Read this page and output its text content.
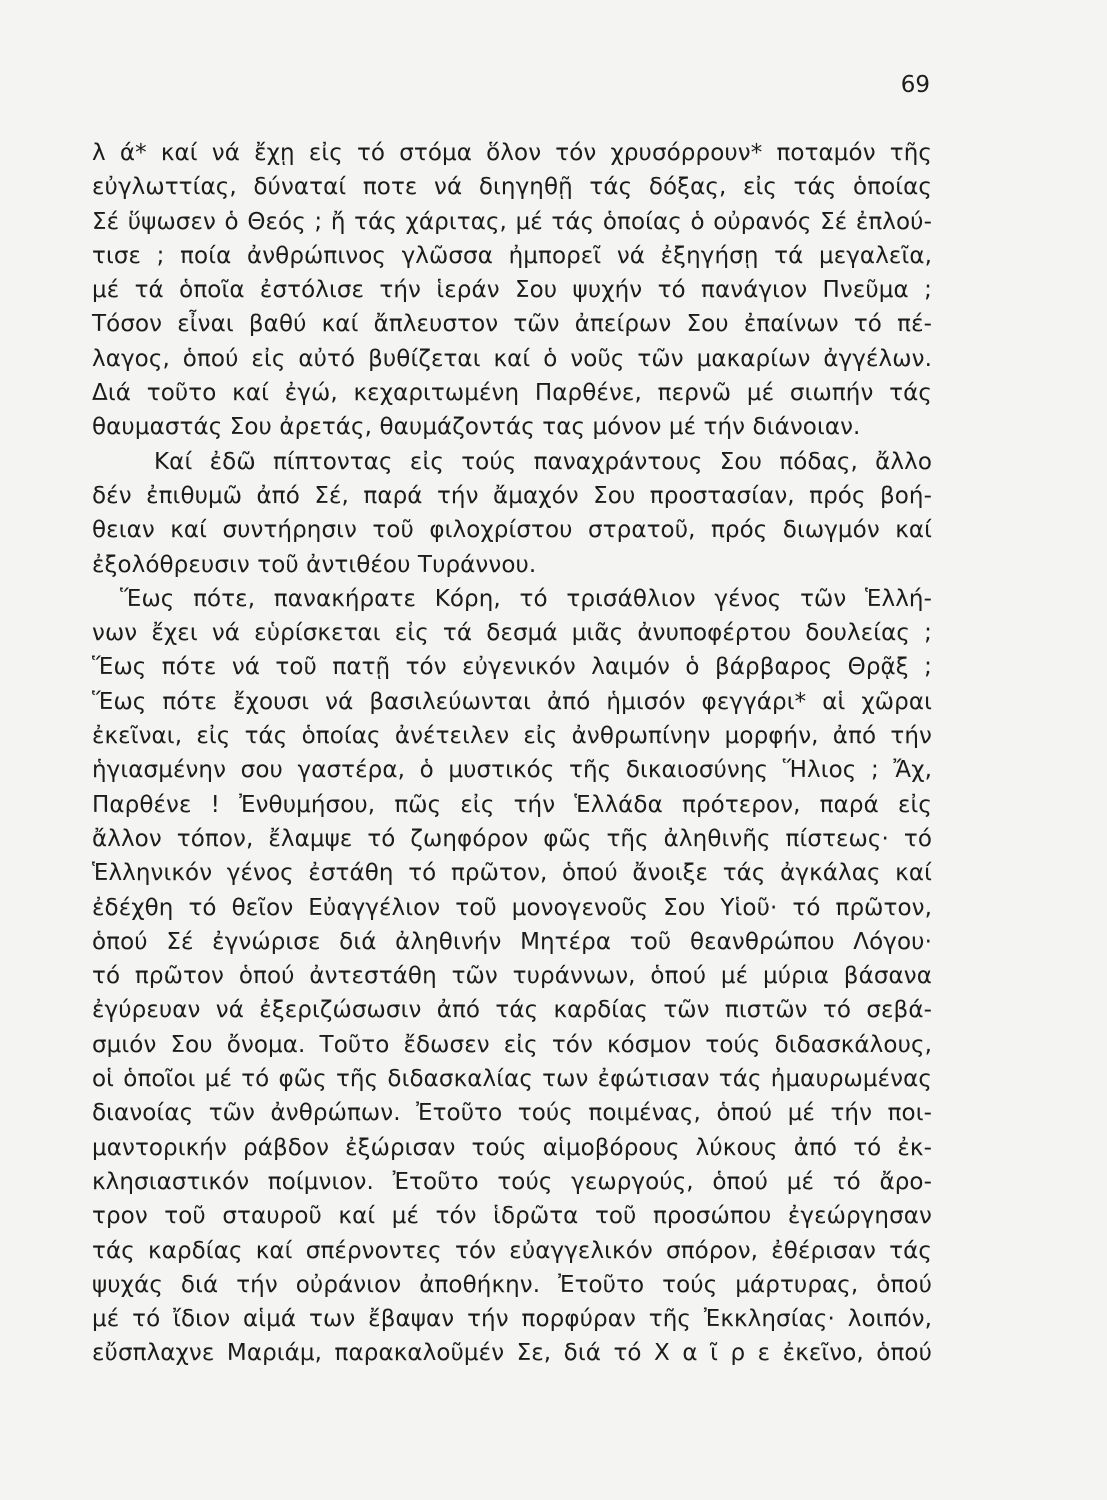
69
λ ά* καί νά ἔχῃ εἰς τό στόμα ὅλον τόν χρυσόρρουν* ποταμόν τῆς
εὐγλωττίας, δύναταί ποτε νά διηγηθῇ τάς δόξας, εἰς τάς ὁποίας
Σέ ὕψωσεν ὁ Θεός ; ἤ τάς χάριτας, μέ τάς ὁποίας ὁ οὐρανός Σέ ἐπλού-
τισε ; ποία ἀνθρώπινος γλῶσσα ἠμπορεῖ νά ἐξηγήσῃ τά μεγαλεῖα,
μέ τά ὁποῖα ἐστόλισε τήν ἱεράν Σου ψυχήν τό πανάγιον Πνεῦμα ;
Τόσον εἶναι βαθύ καί ἄπλευστον τῶν ἀπείρων Σου ἐπαίνων τό πέ-
λαγος, ὁπού εἰς αὐτό βυθίζεται καί ὁ νοῦς τῶν μακαρίων ἀγγέλων.
Διά τοῦτο καί ἐγώ, κεχαριτωμένη Παρθένε, περνῶ μέ σιωπήν τάς
θαυμαστάς Σου ἀρετάς, θαυμάζοντάς τας μόνον μέ τήν διάνοιαν.
Καί ἐδῶ πίπτοντας εἰς τούς παναχράντους Σου πόδας, ἄλλο
δέν ἐπιθυμῶ ἀπό Σέ, παρά τήν ἄμαχόν Σου προστασίαν, πρός βοή-
θειαν καί συντήρησιν τοῦ φιλοχρίστου στρατοῦ, πρός διωγμόν καί
ἐξολόθρευσιν τοῦ ἀντιθέου Τυράννου.
Ἕως πότε, πανακήρατε Κόρη, τό τρισάθλιον γένος τῶν Ἑλλή-
νων ἔχει νά εὑρίσκεται εἰς τά δεσμά μιᾶς ἀνυποφέρτου δουλείας ;
Ἕως πότε νά τοῦ πατῇ τόν εὐγενικόν λαιμόν ὁ βάρβαρος Θρᾷξ ;
Ἕως πότε ἔχουσι νά βασιλεύωνται ἀπό ἡμισόν φεγγάρι* αἱ χῶραι
ἐκεῖναι, εἰς τάς ὁποίας ἀνέτειλεν εἰς ἀνθρωπίνην μορφήν, ἀπό τήν
ἡγιασμένην σου γαστέρα, ὁ μυστικός τῆς δικαιοσύνης Ἥλιος ; Ἄχ,
Παρθένε ! Ἐνθυμήσου, πῶς εἰς τήν Ἑλλάδα πρότερον, παρά εἰς
ἄλλον τόπον, ἔλαμψε τό ζωηφόρον φῶς τῆς ἀληθινῆς πίστεως· τό
Ἑλληνικόν γένος ἐστάθη τό πρῶτον, ὁπού ἄνοιξε τάς ἀγκάλας καί
ἐδέχθη τό θεῖον Εὐαγγέλιον τοῦ μονογενοῦς Σου Υἱοῦ· τό πρῶτον,
ὁπού Σέ ἐγνώρισε διά ἀληθινήν Μητέρα τοῦ θεανθρώπου Λόγου·
τό πρῶτον ὁπού ἀντεστάθη τῶν τυράννων, ὁπού μέ μύρια βάσανα
ἐγύρευαν νά ἐξεριζώσωσιν ἀπό τάς καρδίας τῶν πιστῶν τό σεβά-
σμιόν Σου ὄνομα. Τοῦτο ἔδωσεν εἰς τόν κόσμον τούς διδασκάλους,
οἱ ὁποῖοι μέ τό φῶς τῆς διδασκαλίας των ἐφώτισαν τάς ἠμαυρωμένας
διανοίας τῶν ἀνθρώπων. Ἐτοῦτο τούς ποιμένας, ὁπού μέ τήν ποι-
μαντορικήν ράβδον ἐξώρισαν τούς αἱμοβόρους λύκους ἀπό τό ἐκ-
κλησιαστικόν ποίμνιον. Ἐτοῦτο τούς γεωργούς, ὁπού μέ τό ἄρο-
τρον τοῦ σταυροῦ καί μέ τόν ἱδρῶτα τοῦ προσώπου ἐγεώργησαν
τάς καρδίας καί σπέρνοντες τόν εὐαγγελικόν σπόρον, ἐθέρισαν τάς
ψυχάς διά τήν οὐράνιον ἀποθήκην. Ἐτοῦτο τούς μάρτυρας, ὁπού
μέ τό ἴδιον αἱμά των ἔβαψαν τήν πορφύραν τῆς Ἐκκλησίας· λοιπόν,
εὔσπλαχνε Μαριάμ, παρακαλοῦμέν Σε, διά τό Χ α ῖ ρ ε ἐκεῖνο, ὁπού
